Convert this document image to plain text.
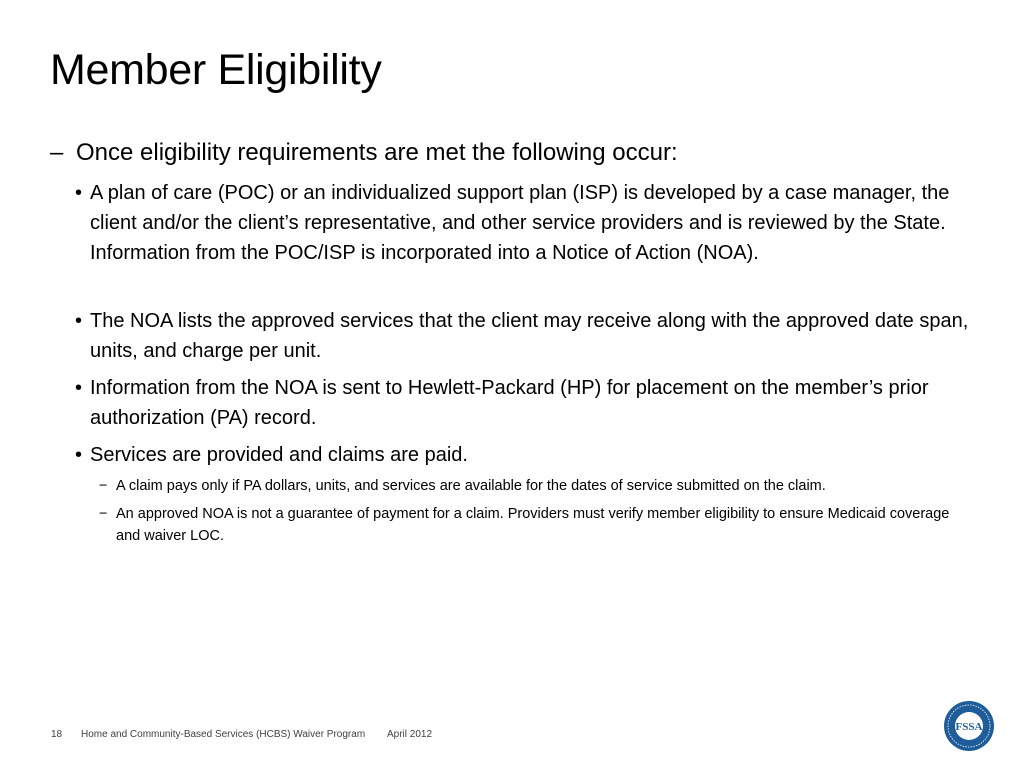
Member Eligibility
– Once eligibility requirements are met the following occur:
• A plan of care (POC) or an individualized support plan (ISP) is developed by a case manager, the client and/or the client’s representative, and other service providers and is reviewed by the State. Information from the POC/ISP is incorporated into a Notice of Action (NOA).
• The NOA lists the approved services that the client may receive along with the approved date span, units, and charge per unit.
• Information from the NOA is sent to Hewlett-Packard (HP) for placement on the member’s prior authorization (PA) record.
• Services are provided and claims are paid.
− A claim pays only if PA dollars, units, and services are available for the dates of service submitted on the claim.
− An approved NOA is not a guarantee of payment for a claim. Providers must verify member eligibility to ensure Medicaid coverage and waiver LOC.
18 Home and Community-Based Services (HCBS) Waiver Program April 2012
FSSA
